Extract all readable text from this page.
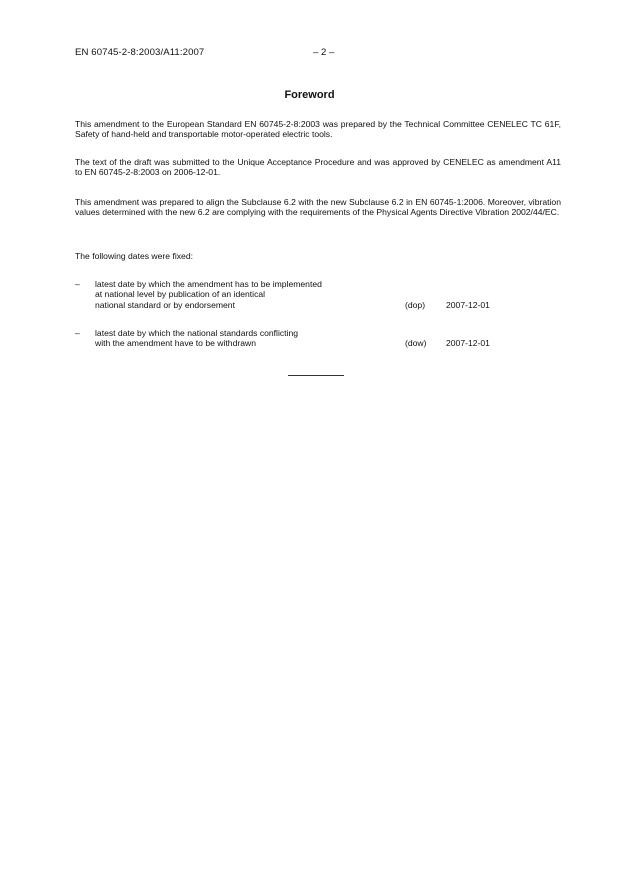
EN 60745-2-8:2003/A11:2007	– 2 –
Foreword

This amendment to the European Standard EN 60745-2-8:2003 was prepared by the Technical Committee CENELEC TC 61F, Safety of hand-held and transportable motor-operated electric tools.

The text of the draft was submitted to the Unique Acceptance Procedure and was approved by CENELEC as amendment A11 to EN 60745-2-8:2003 on 2006-12-01.

This amendment was prepared to align the Subclause 6.2 with the new Subclause 6.2 in EN 60745-1:2006. Moreover, vibration values determined with the new 6.2 are complying with the requirements of the Physical Agents Directive Vibration 2002/44/EC.

The following dates were fixed:

– latest date by which the amendment has to be implemented
at national level by publication of an identical
national standard or by endorsement	(dop) 2007-12-01
– latest date by which the national standards conflicting
with the amendment have to be withdrawn	(dow) 2007-12-01
